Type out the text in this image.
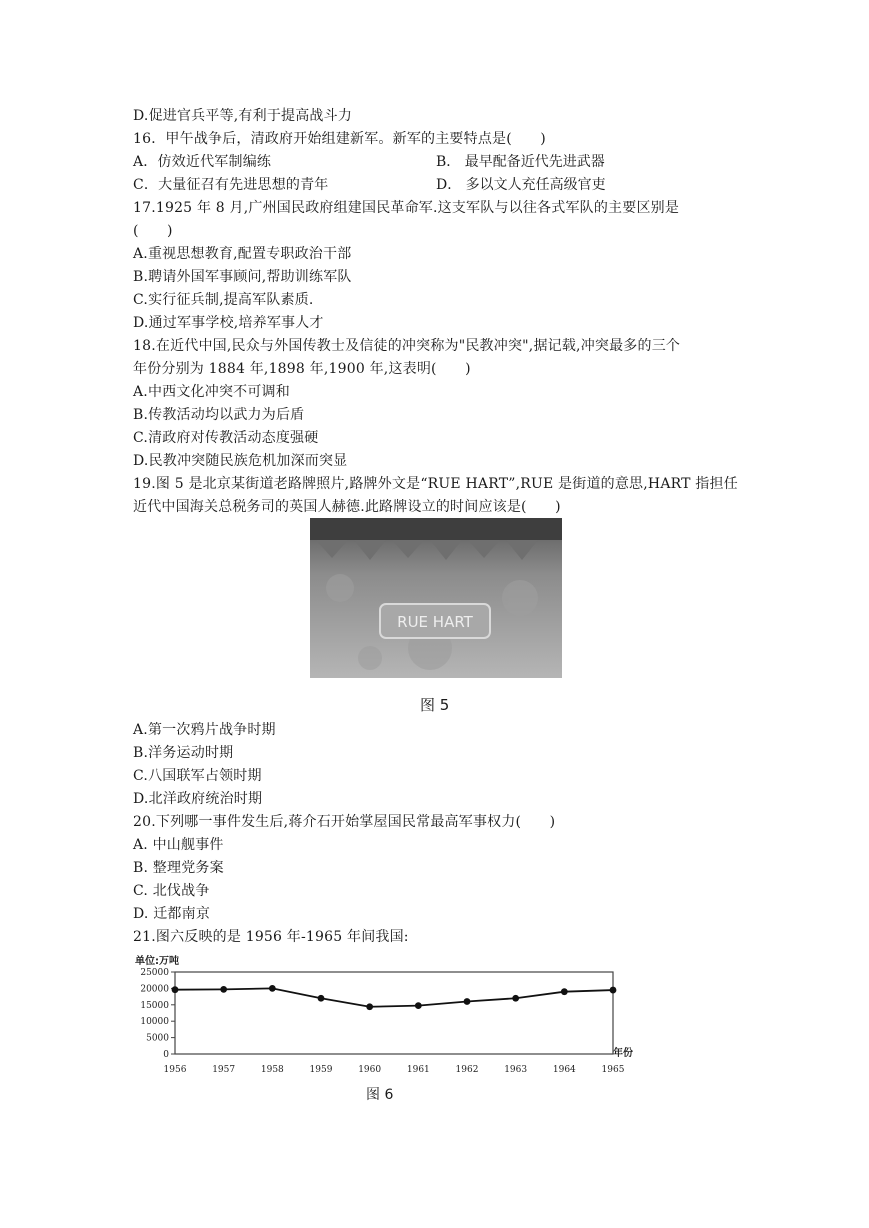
D.促进官兵平等,有利于提高战斗力
16．甲午战争后，清政府开始组建新军。新军的主要特点是(　　)
A．仿效近代军制编练	B． 最早配备近代先进武器
C．大量征召有先进思想的青年	D． 多以文人充任高级官吏
17.1925 年 8 月,广州国民政府组建国民革命军.这支军队与以往各式军队的主要区别是
(　　)
A.重视思想教育,配置专职政治干部
B.聘请外国军事顾问,帮助训练军队
C.实行征兵制,提高军队素质.
D.通过军事学校,培养军事人才
18.在近代中国,民众与外国传教士及信徒的冲突称为"民教冲突",据记载,冲突最多的三个
年份分别为 1884 年,1898 年,1900 年,这表明(　　)
A.中西文化冲突不可调和
B.传教活动均以武力为后盾
C.清政府对传教活动态度强硬
D.民教冲突随民族危机加深而突显
19.图 5 是北京某街道老路牌照片,路牌外文是“RUE HART”,RUE 是街道的意思,HART 指担任
近代中国海关总税务司的英国人赫德.此路牌设立的时间应该是(　　)
RUE HART
图 5
A.第一次鸦片战争时期
B.洋务运动时期
C.八国联军占领时期
D.北洋政府统治时期
20.下列哪一事件发生后,蒋介石开始掌屋国民常最高军事权力(　　)
A. 中山舰事件
B. 整理党务案
C. 北伐战争
D. 迁都南京
21.图六反映的是 1956 年-1965 年间我国:
单位:万吨
年份
0
5000
10000
15000
20000
25000
1956	1957	1958	1959	1960	1961	1962	1963	1964	1965
图 6
